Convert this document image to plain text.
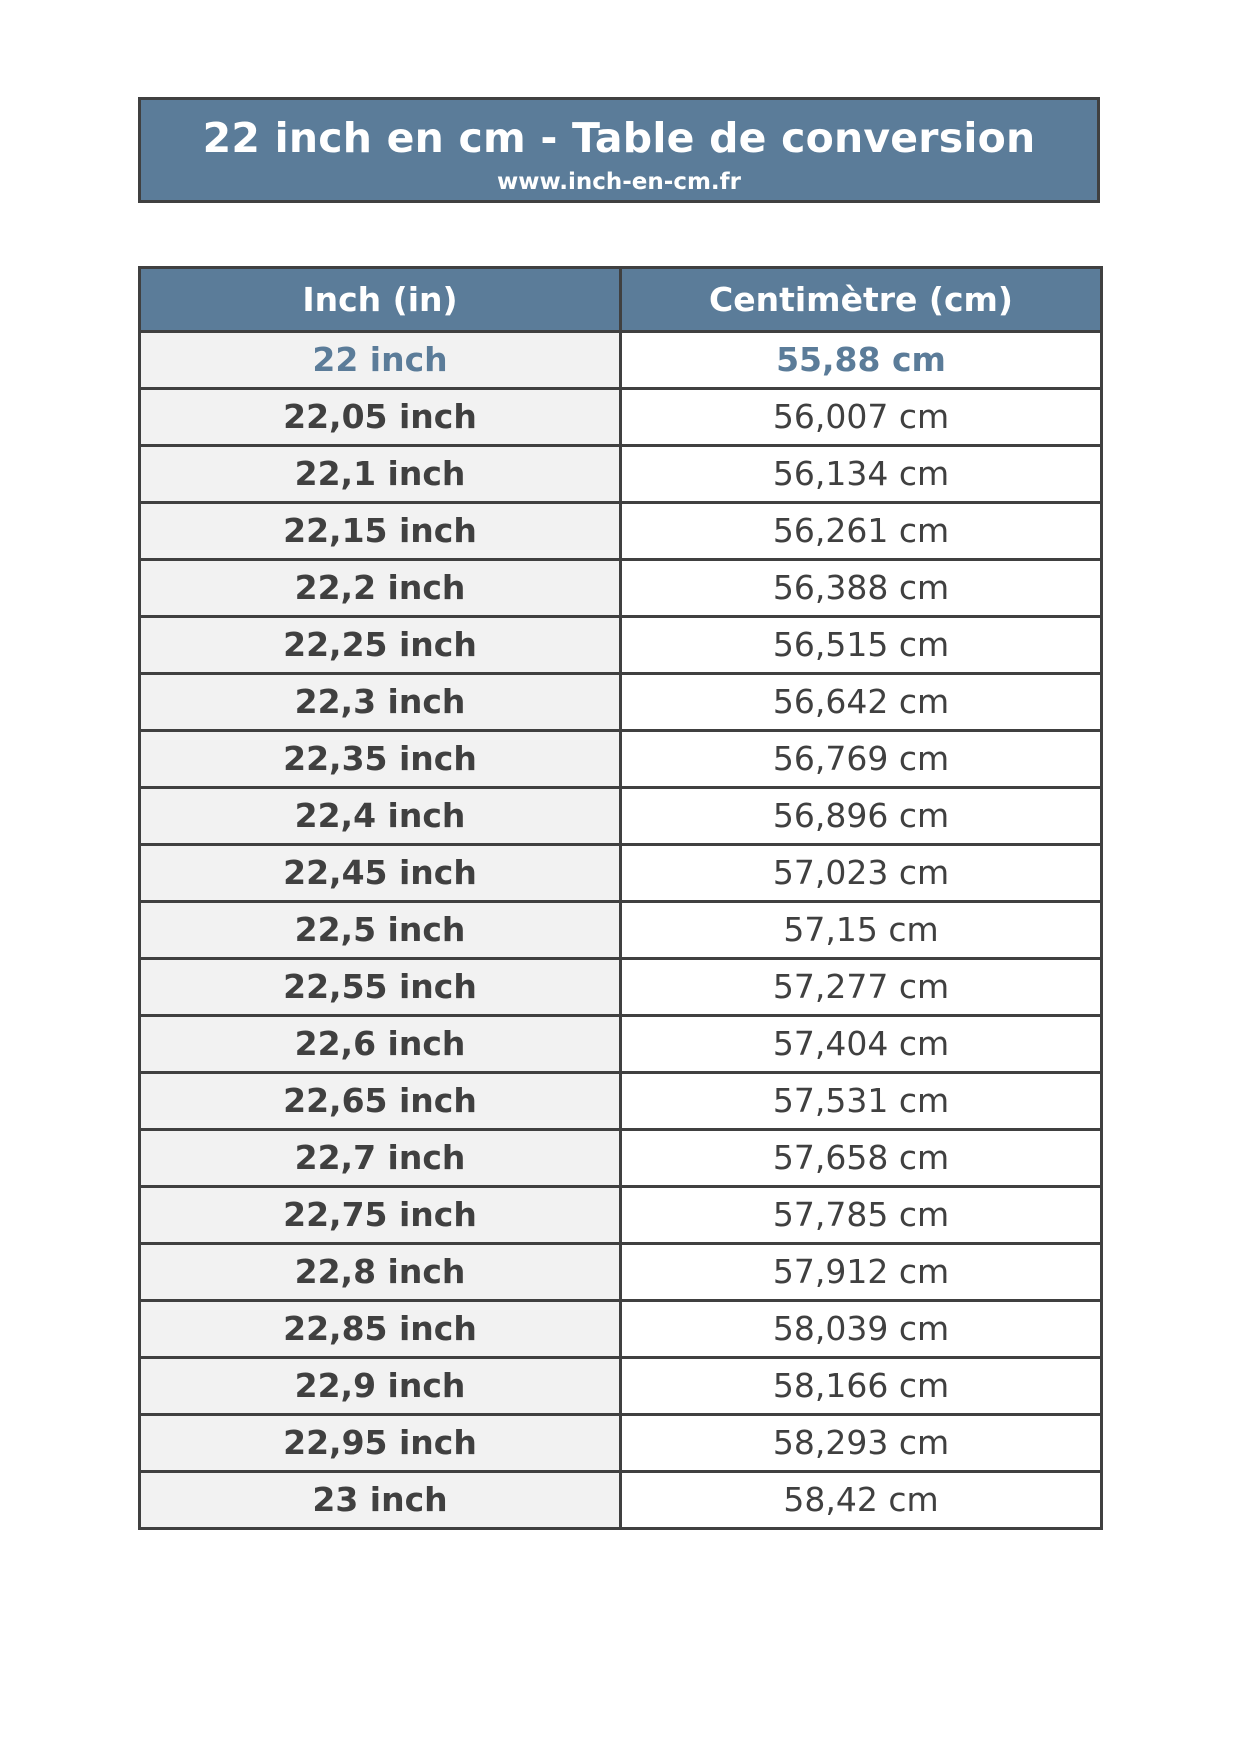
22 inch en cm - Table de conversion
www.inch-en-cm.fr
Inch (in)	Centimètre (cm)
22 inch	55,88 cm
22,05 inch	56,007 cm
22,1 inch	56,134 cm
22,15 inch	56,261 cm
22,2 inch	56,388 cm
22,25 inch	56,515 cm
22,3 inch	56,642 cm
22,35 inch	56,769 cm
22,4 inch	56,896 cm
22,45 inch	57,023 cm
22,5 inch	57,15 cm
22,55 inch	57,277 cm
22,6 inch	57,404 cm
22,65 inch	57,531 cm
22,7 inch	57,658 cm
22,75 inch	57,785 cm
22,8 inch	57,912 cm
22,85 inch	58,039 cm
22,9 inch	58,166 cm
22,95 inch	58,293 cm
23 inch	58,42 cm
